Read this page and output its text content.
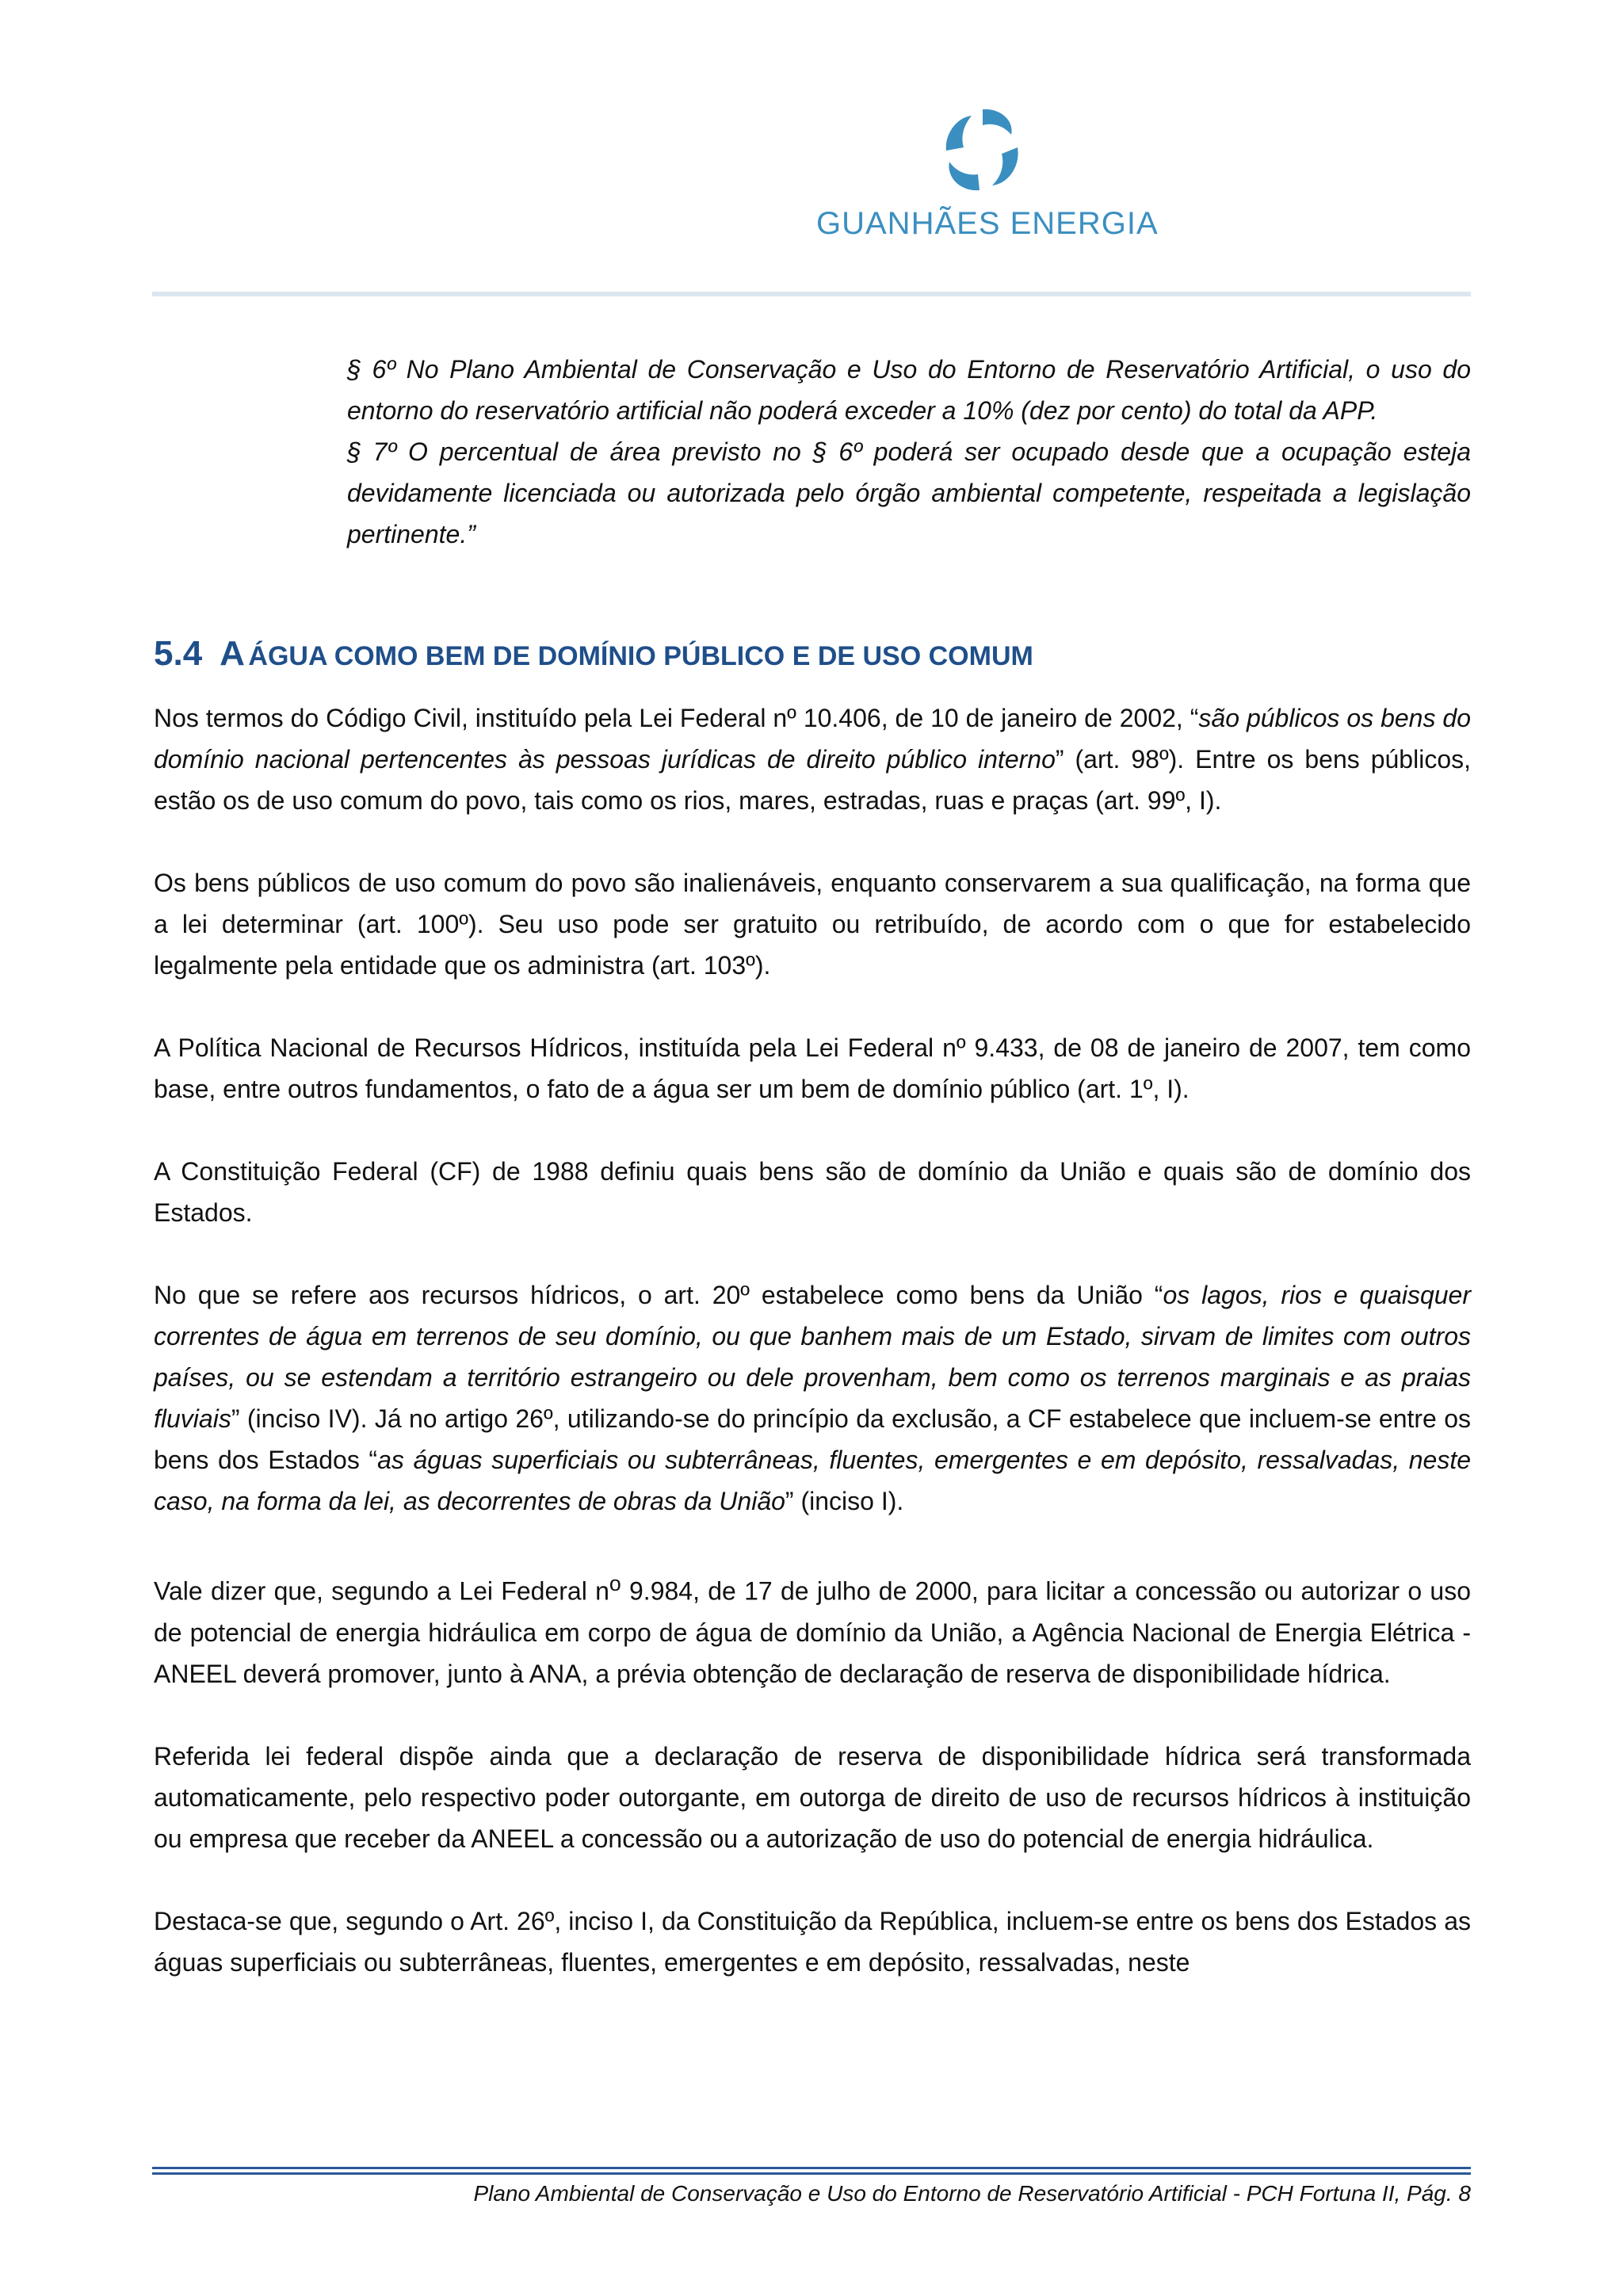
GUANHÃES ENERGIA

§ 6º No Plano Ambiental de Conservação e Uso do Entorno de Reservatório Artificial, o uso do entorno do reservatório artificial não poderá exceder a 10% (dez por cento) do total da APP.

§ 7º O percentual de área previsto no § 6º poderá ser ocupado desde que a ocupação esteja devidamente licenciada ou autorizada pelo órgão ambiental competente, respeitada a legislação pertinente.”

5.4 A ÁGUA COMO BEM DE DOMÍNIO PÚBLICO E DE USO COMUM

Nos termos do Código Civil, instituído pela Lei Federal nº 10.406, de 10 de janeiro de 2002, “são públicos os bens do domínio nacional pertencentes às pessoas jurídicas de direito público interno” (art. 98º). Entre os bens públicos, estão os de uso comum do povo, tais como os rios, mares, estradas, ruas e praças (art. 99º, I).

Os bens públicos de uso comum do povo são inalienáveis, enquanto conservarem a sua qualificação, na forma que a lei determinar (art. 100º). Seu uso pode ser gratuito ou retribuído, de acordo com o que for estabelecido legalmente pela entidade que os administra (art. 103º).

A Política Nacional de Recursos Hídricos, instituída pela Lei Federal nº 9.433, de 08 de janeiro de 2007, tem como base, entre outros fundamentos, o fato de a água ser um bem de domínio público (art. 1º, I).

A Constituição Federal (CF) de 1988 definiu quais bens são de domínio da União e quais são de domínio dos Estados.

No que se refere aos recursos hídricos, o art. 20º estabelece como bens da União “os lagos, rios e quaisquer correntes de água em terrenos de seu domínio, ou que banhem mais de um Estado, sirvam de limites com outros países, ou se estendam a território estrangeiro ou dele provenham, bem como os terrenos marginais e as praias fluviais” (inciso IV). Já no artigo 26º, utilizando-se do princípio da exclusão, a CF estabelece que incluem-se entre os bens dos Estados “as águas superficiais ou subterrâneas, fluentes, emergentes e em depósito, ressalvadas, neste caso, na forma da lei, as decorrentes de obras da União” (inciso I).

Vale dizer que, segundo a Lei Federal $n^o$ 9.984, de 17 de julho de 2000, para licitar a concessão ou autorizar o uso de potencial de energia hidráulica em corpo de água de domínio da União, a Agência Nacional de Energia Elétrica - ANEEL deverá promover, junto à ANA, a prévia obtenção de declaração de reserva de disponibilidade hídrica.

Referida lei federal dispõe ainda que a declaração de reserva de disponibilidade hídrica será transformada automaticamente, pelo respectivo poder outorgante, em outorga de direito de uso de recursos hídricos à instituição ou empresa que receber da ANEEL a concessão ou a autorização de uso do potencial de energia hidráulica.

Destaca-se que, segundo o Art. 26º, inciso I, da Constituição da República, incluem-se entre os bens dos Estados as águas superficiais ou subterrâneas, fluentes, emergentes e em depósito, ressalvadas, neste

Plano Ambiental de Conservação e Uso do Entorno de Reservatório Artificial - PCH Fortuna II, Pág. 8
